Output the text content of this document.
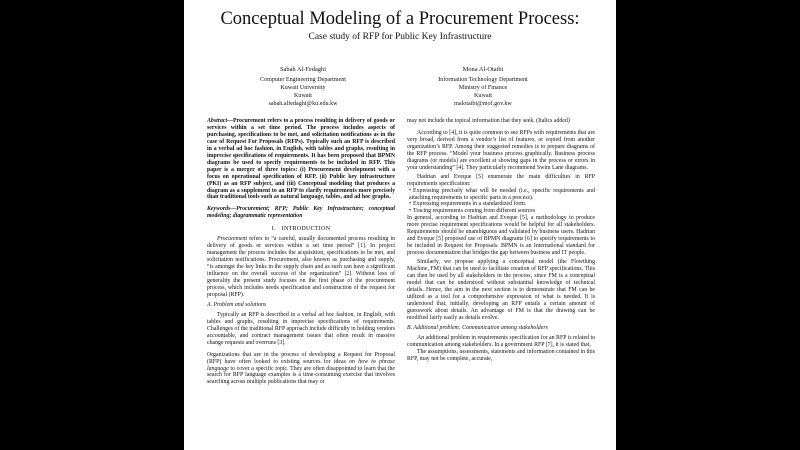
Conceptual Modeling of a Procurement Process:
Case study of RFP for Public Key Infrastructure
Sabah Al-Fedaghi
Computer Engineering Department
Kuwait University
Kuwait
sabah.alfedaghi@ku.edu.kw
Mona Al-Otaibi
Information Technology Department
Ministry of Finance
Kuwait
malotaibi@mof.gov.kw

Abstract—Procurement refers to a process resulting in delivery of goods or services within a set time period. The process includes aspects of purchasing, specifications to be met, and solicitation notifications as in the case of Request For Proposals (RFPs). Typically such an RFP is described in a verbal ad hoc fashion, in English, with tables and graphs, resulting in imprecise specifications of requirements. It has been proposed that BPMN diagrams be used to specify requirements to be included in RFP. This paper is a merger of three topics: (i) Procurement development with a focus on operational specification of RFP, (ii) Public key infrastructure (PKI) as an RFP subject, and (iii) Conceptual modeling that produces a diagram as a supplement to an RFP to clarify requirements more precisely than traditional tools such as natural language, tables, and ad hoc graphs.

Keywords—Procurement; RFP; Public Key Infrastructure; conceptual modeling; diagrammatic representation

I. INTRODUCTION

Procurement refers to “a careful, usually documented process resulting in delivery of goods or services within a set time period” [1]. In project management the process includes the acquisition, specifications to be met, and solicitation notifications. Procurement, also known as purchasing and supply, “is amongst the key links in the supply chain and as such can have a significant influence on the overall success of the organization” [2]. Without loss of generality the present study focuses on the first phase of the procurement process, which includes needs specification and construction of the request for proposal (RFP).

A. Problem and solutions

Typically an RFP is described in a verbal ad hoc fashion, in English, with tables and graphs, resulting in imprecise specifications of requirements. Challenges of the traditional RFP approach include difficulty in holding vendors accountable, and contract management issues that often result in massive change requests and overruns [3].

Organizations that are in the process of developing a Request for Proposal (RFP) have often looked to existing sources for ideas on how to phrase language to cover a specific topic. They are often disappointed to learn that the search for RFP language examples is a time-consuming exercise that involves searching across multiple publications that may or

may not include the topical information that they seek. (Italics added)

According to [4], it is quite common to see RFPs with requirements that are very broad, derived from a vendor’s list of features, or copied from another organization’s RFP. Among their suggested remedies is to prepare diagrams of the RFP process. “Model your business process graphically. Business process diagrams (or models) are excellent at showing gaps in the process or errors in your understanding” [4]. They particularly recommend Swim Lane diagrams.

Hadrian and Eveque [5] enumerate the main difficulties in RFP requirements specification:

• Expressing precisely what will be needed (i.e., specific requirements and attaching requirements to specific parts in a process).

• Expressing requirements in a standardized form.

• Tracing requirements coming from different sources

In general, according to Hadrian and Eveque [5], a methodology to produce more precise requirement specifications would be helpful for all stakeholders. Requirements should be unambiguous and validated by business users. Hadrian and Eveque [5] proposed use of BPMN diagrams [6] to specify requirements to be included in Request for Proposals. BPMN is an International standard for process documentation that bridges the gap between business and IT people.

Similarly, we propose applying a conceptual model (the Flowthing Machine, FM) that can be used to facilitate creation of RFP specifications. This can then be used by all stakeholders in the process, since FM is a conceptual model that can be understood without substantial knowledge of technical details. Hence, the aim in the next section is to demonstrate that FM can be utilized as a tool for a comprehensive expression of what is needed. It is understood that, initially, developing an RFP entails a certain amount of guesswork about details. An advantage of FM is that the drawing can be modified fairly easily as details evolve.

B. Additional problem: Communication among stakeholders

An additional problem in requirements specification for an RFP is related to communication among stakeholders. In a government RFP [7], it is stated that,

The assumptions, assessments, statements and information contained in this RFP, may not be complete, accurate,
